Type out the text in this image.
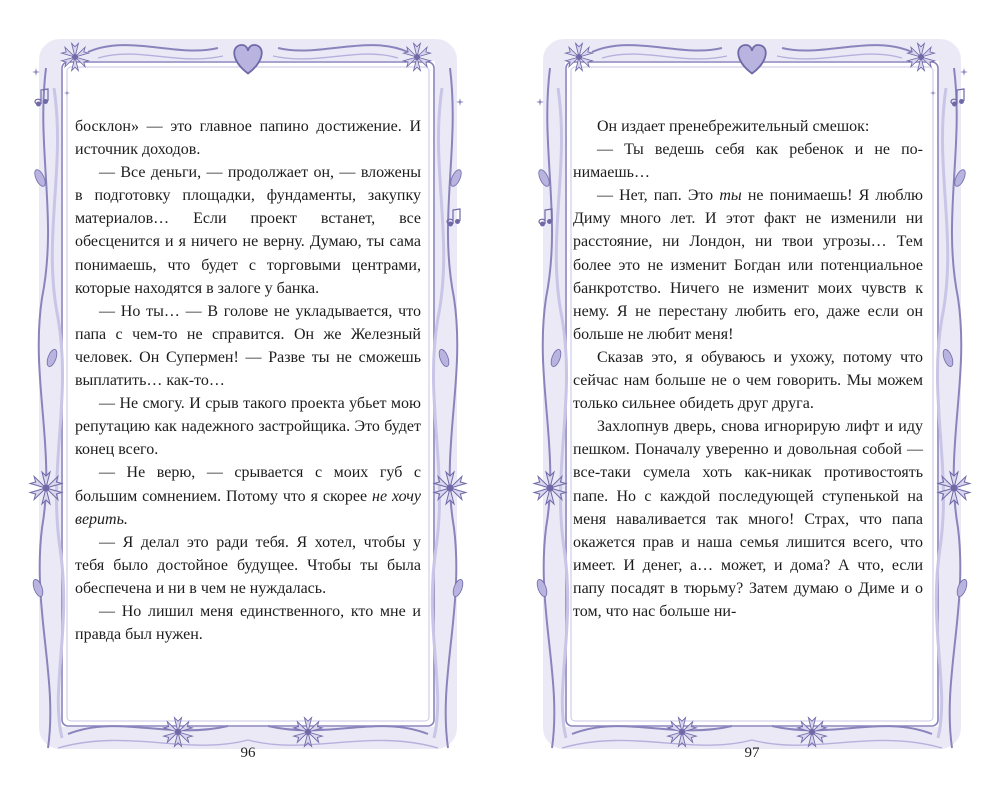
босклон» — это главное папино достижение. И источник доходов.

— Все деньги, — продолжает он, — вложены в подготовку площадки, фундаменты, закупку материалов… Если проект встанет, все обесценится и я ничего не верну. Думаю, ты сама понимаешь, что будет с торговыми центрами, которые находятся в залоге у банка.

— Но ты… — В голове не укладывается, что папа с чем-то не справится. Он же Железный человек. Он Супермен! — Разве ты не сможешь выплатить… как-то…

— Не смогу. И срыв такого проекта убьет мою репутацию как надежного застройщика. Это будет конец всего.

— Не верю, — срывается с моих губ с большим сомнением. Потому что я скорее не хочу верить.

— Я делал это ради тебя. Я хотел, чтобы у тебя было достойное будущее. Чтобы ты была обеспечена и ни в чем не нуждалась.

— Но лишил меня единственного, кто мне и правда был нужен.

96

Он издает пренебрежительный смешок:

— Ты ведешь себя как ребенок и не понимаешь…

— Нет, пап. Это ты не понимаешь! Я люблю Диму много лет. И этот факт не изменили ни расстояние, ни Лондон, ни твои угрозы… Тем более это не изменит Богдан или потенциальное банкротство. Ничего не изменит моих чувств к нему. Я не перестану любить его, даже если он больше не любит меня!

Сказав это, я обуваюсь и ухожу, потому что сейчас нам больше не о чем говорить. Мы можем только сильнее обидеть друг друга.

Захлопнув дверь, снова игнорирую лифт и иду пешком. Поначалу уверенно и довольная собой — все-таки сумела хоть как-никак противостоять папе. Но с каждой последующей ступенькой на меня наваливается так много! Страх, что папа окажется прав и наша семья лишится всего, что имеет. И денег, а… может, и дома? А что, если папу посадят в тюрьму? Затем думаю о Диме и о том, что нас больше ни-

97
